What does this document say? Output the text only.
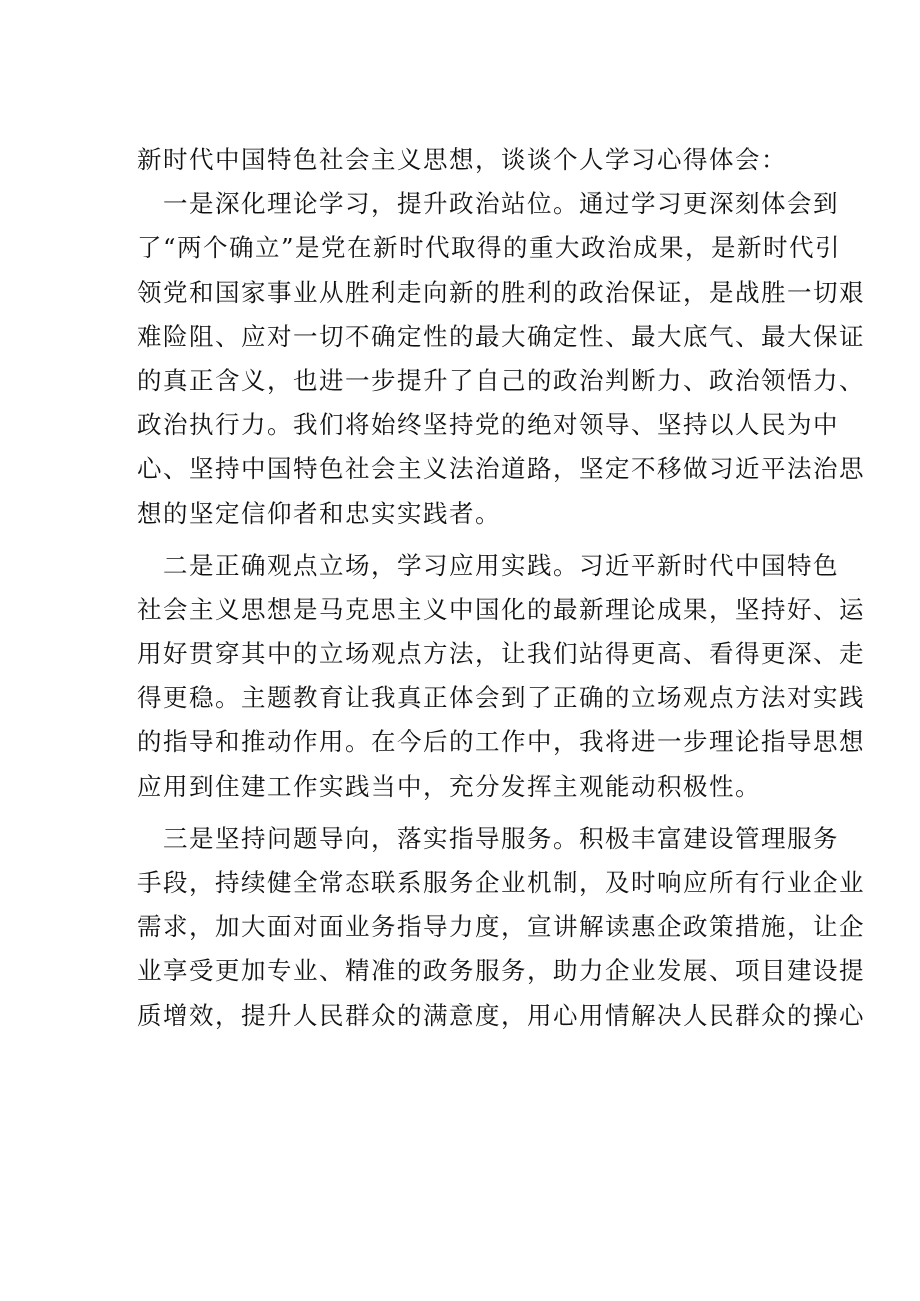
新时代中国特色社会主义思想，谈谈个人学习心得体会：
　一是深化理论学习，提升政治站位。通过学习更深刻体会到
了“两个确立”是党在新时代取得的重大政治成果，是新时代引
领党和国家事业从胜利走向新的胜利的政治保证，是战胜一切艰
难险阻、应对一切不确定性的最大确定性、最大底气、最大保证
的真正含义，也进一步提升了自己的政治判断力、政治领悟力、
政治执行力。我们将始终坚持党的绝对领导、坚持以人民为中
心、坚持中国特色社会主义法治道路，坚定不移做习近平法治思
想的坚定信仰者和忠实实践者。
　二是正确观点立场，学习应用实践。习近平新时代中国特色
社会主义思想是马克思主义中国化的最新理论成果，坚持好、运
用好贯穿其中的立场观点方法，让我们站得更高、看得更深、走
得更稳。主题教育让我真正体会到了正确的立场观点方法对实践
的指导和推动作用。在今后的工作中，我将进一步理论指导思想
应用到住建工作实践当中，充分发挥主观能动积极性。
　三是坚持问题导向，落实指导服务。积极丰富建设管理服务
手段，持续健全常态联系服务企业机制，及时响应所有行业企业
需求，加大面对面业务指导力度，宣讲解读惠企政策措施，让企
业享受更加专业、精准的政务服务，助力企业发展、项目建设提
质增效，提升人民群众的满意度，用心用情解决人民群众的操心
